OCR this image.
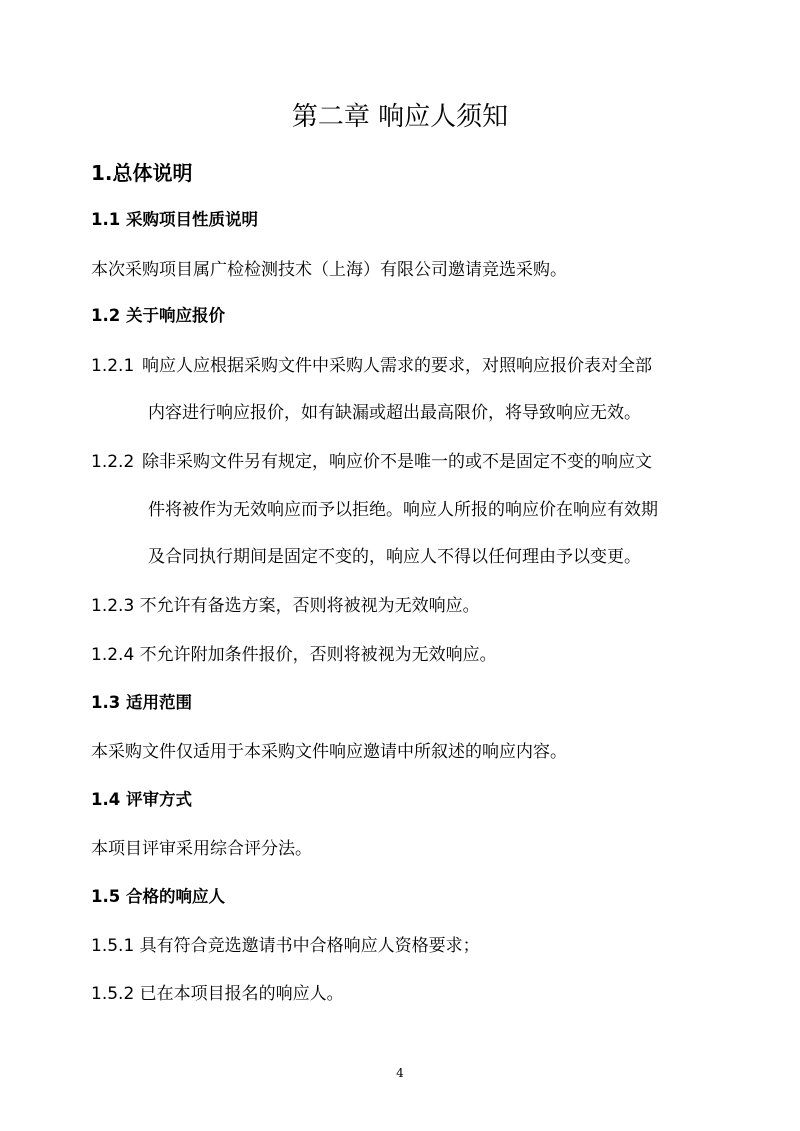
第二章 响应人须知
1.总体说明
1.1 采购项目性质说明
本次采购项目属广检检测技术（上海）有限公司邀请竞选采购。
1.2 关于响应报价
1.2.1 响应人应根据采购文件中采购人需求的要求，对照响应报价表对全部
内容进行响应报价，如有缺漏或超出最高限价，将导致响应无效。
1.2.2 除非采购文件另有规定，响应价不是唯一的或不是固定不变的响应文
件将被作为无效响应而予以拒绝。响应人所报的响应价在响应有效期
及合同执行期间是固定不变的，响应人不得以任何理由予以变更。
1.2.3 不允许有备选方案，否则将被视为无效响应。
1.2.4 不允许附加条件报价，否则将被视为无效响应。
1.3 适用范围
本采购文件仅适用于本采购文件响应邀请中所叙述的响应内容。
1.4 评审方式
本项目评审采用综合评分法。
1.5 合格的响应人
1.5.1 具有符合竞选邀请书中合格响应人资格要求；
1.5.2 已在本项目报名的响应人。
4
